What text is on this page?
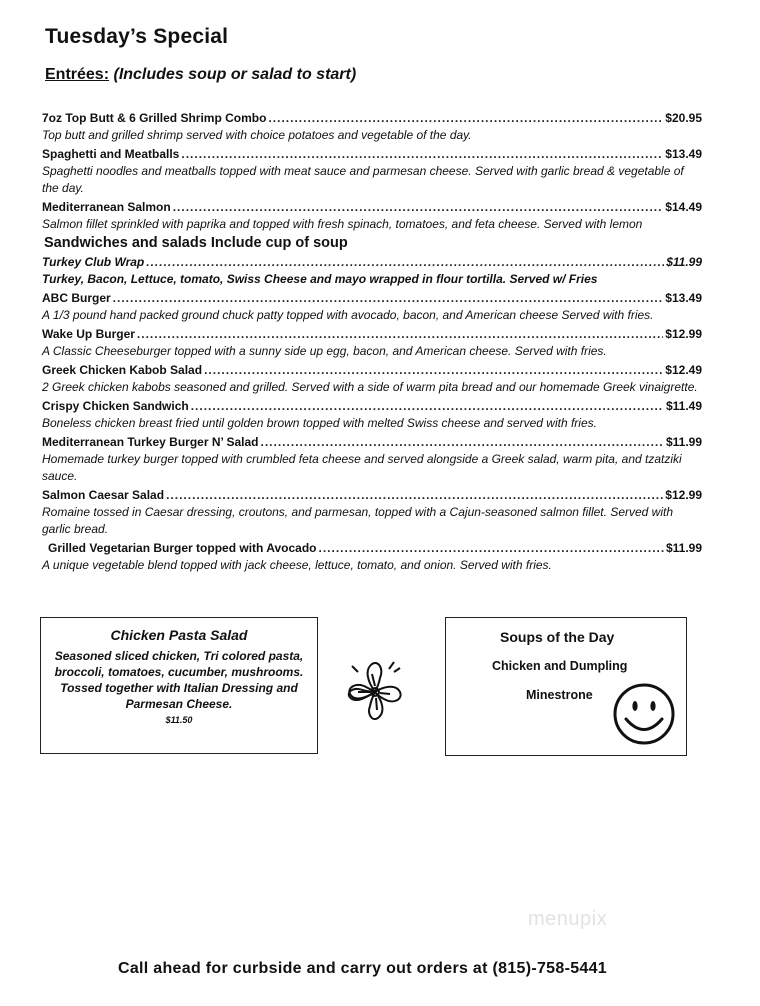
Tuesday’s Special
Entrées: (Includes soup or salad to start)
7oz Top Butt & 6 Grilled Shrimp Combo .....	$20.95
Top butt and grilled shrimp served with choice potatoes and vegetable of the day.
Spaghetti and Meatballs .....	$13.49
Spaghetti noodles and meatballs topped with meat sauce and parmesan cheese. Served with garlic bread & vegetable of the day.
Mediterranean Salmon .....	$14.49
Salmon fillet sprinkled with paprika and topped with fresh spinach, tomatoes, and feta cheese. Served with lemon
Sandwiches and salads Include cup of soup
Turkey Club Wrap .....	$11.99
Turkey, Bacon, Lettuce, tomato, Swiss Cheese and mayo wrapped in flour tortilla. Served w/ Fries
ABC Burger .....	$13.49
A 1/3 pound hand packed ground chuck patty topped with avocado, bacon, and American cheese Served with fries.
Wake Up Burger .....	$12.99
A Classic Cheeseburger topped with a sunny side up egg, bacon, and American cheese. Served with fries.
Greek Chicken Kabob Salad .....	$12.49
2 Greek chicken kabobs seasoned and grilled. Served with a side of warm pita bread and our homemade Greek vinaigrette.
Crispy Chicken Sandwich .....	$11.49
Boneless chicken breast fried until golden brown topped with melted Swiss cheese and served with fries.
Mediterranean Turkey Burger N’ Salad .....	$11.99
Homemade turkey burger topped with crumbled feta cheese and served alongside a Greek salad, warm pita, and tzatziki sauce.
Salmon Caesar Salad .....	$12.99
Romaine tossed in Caesar dressing, croutons, and parmesan, topped with a Cajun-seasoned salmon fillet. Served with garlic bread.
Grilled Vegetarian Burger topped with Avocado .....	$11.99
A unique vegetable blend topped with jack cheese, lettuce, tomato, and onion. Served with fries.
Chicken Pasta Salad
Seasoned sliced chicken, Tri colored pasta, broccoli, tomatoes, cucumber, mushrooms.
Tossed together with Italian Dressing and Parmesan Cheese.
$11.50
Soups of the Day
Chicken and Dumpling
Minestrone
menupix
Call ahead for curbside and carry out orders at (815)-758-5441
